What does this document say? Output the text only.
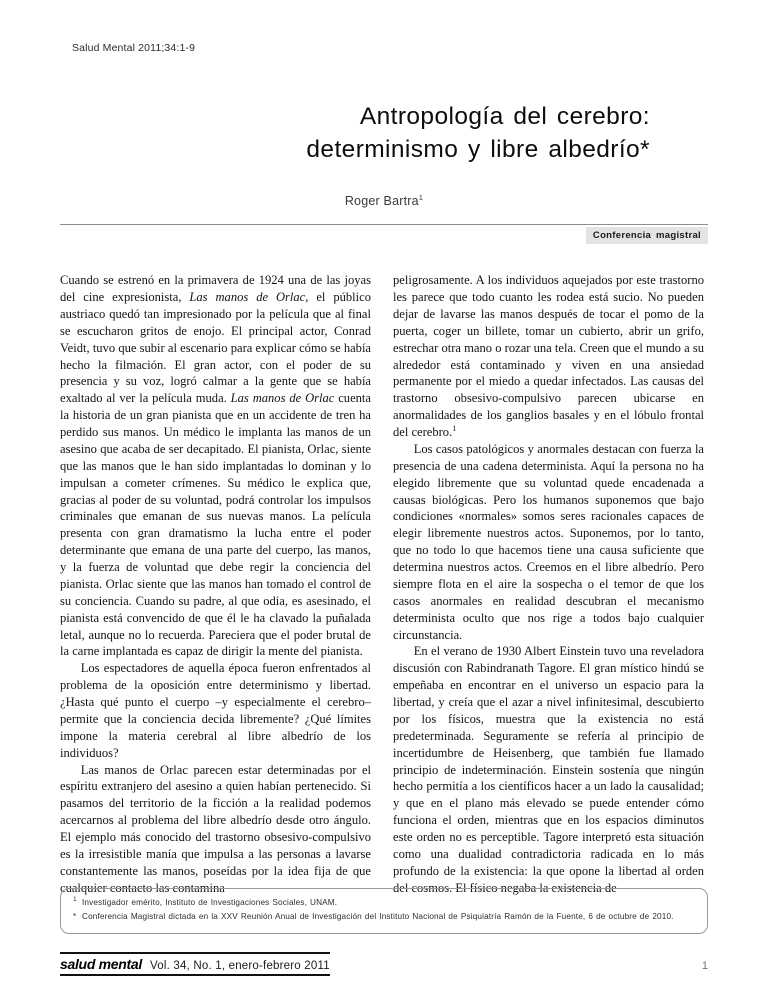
Salud Mental 2011;34:1-9
Antropología del cerebro:
determinismo y libre albedrío*
Roger Bartra$^1$
Conferencia magistral

Cuando se estrenó en la primavera de 1924 una de las joyas del cine expresionista, Las manos de Orlac, el público austriaco quedó tan impresionado por la película que al final se escucharon gritos de enojo. El principal actor, Conrad Veidt, tuvo que subir al escenario para explicar cómo se había hecho la filmación. El gran actor, con el poder de su presencia y su voz, logró calmar a la gente que se había exaltado al ver la película muda. Las manos de Orlac cuenta la historia de un gran pianista que en un accidente de tren ha perdido sus manos. Un médico le implanta las manos de un asesino que acaba de ser decapitado. El pianista, Orlac, siente que las manos que le han sido implantadas lo dominan y lo impulsan a cometer crímenes. Su médico le explica que, gracias al poder de su voluntad, podrá controlar los impulsos criminales que emanan de sus nuevas manos. La película presenta con gran dramatismo la lucha entre el poder determinante que emana de una parte del cuerpo, las manos, y la fuerza de voluntad que debe regir la conciencia del pianista. Orlac siente que las manos han tomado el control de su conciencia. Cuando su padre, al que odia, es asesinado, el pianista está convencido de que él le ha clavado la puñalada letal, aunque no lo recuerda. Pareciera que el poder brutal de la carne implantada es capaz de dirigir la mente del pianista.

Los espectadores de aquella época fueron enfrentados al problema de la oposición entre determinismo y libertad. ¿Hasta qué punto el cuerpo –y especialmente el cerebro– permite que la conciencia decida libremente? ¿Qué límites impone la materia cerebral al libre albedrío de los individuos?

Las manos de Orlac parecen estar determinadas por el espíritu extranjero del asesino a quien habían pertenecido. Si pasamos del territorio de la ficción a la realidad podemos acercarnos al problema del libre albedrío desde otro ángulo. El ejemplo más conocido del trastorno obsesivo-compulsivo es la irresistible manía que impulsa a las personas a lavarse constantemente las manos, poseídas por la idea fija de que cualquier contacto las contamina

peligrosamente. A los individuos aquejados por este trastorno les parece que todo cuanto les rodea está sucio. No pueden dejar de lavarse las manos después de tocar el pomo de la puerta, coger un billete, tomar un cubierto, abrir un grifo, estrechar otra mano o rozar una tela. Creen que el mundo a su alrededor está contaminado y viven en una ansiedad permanente por el miedo a quedar infectados. Las causas del trastorno obsesivo-compulsivo parecen ubicarse en anormalidades de los ganglios basales y en el lóbulo frontal del cerebro.$^1$

Los casos patológicos y anormales destacan con fuerza la presencia de una cadena determinista. Aquí la persona no ha elegido libremente que su voluntad quede encadenada a causas biológicas. Pero los humanos suponemos que bajo condiciones «normales» somos seres racionales capaces de elegir libremente nuestros actos. Suponemos, por lo tanto, que no todo lo que hacemos tiene una causa suficiente que determina nuestros actos. Creemos en el libre albedrío. Pero siempre flota en el aire la sospecha o el temor de que los casos anormales en realidad descubran el mecanismo determinista oculto que nos rige a todos bajo cualquier circunstancia.

En el verano de 1930 Albert Einstein tuvo una reveladora discusión con Rabindranath Tagore. El gran místico hindú se empeñaba en encontrar en el universo un espacio para la libertad, y creía que el azar a nivel infinitesimal, descubierto por los físicos, muestra que la existencia no está predeterminada. Seguramente se refería al principio de incertidumbre de Heisenberg, que también fue llamado principio de indeterminación. Einstein sostenía que ningún hecho permitía a los científicos hacer a un lado la causalidad; y que en el plano más elevado se puede entender cómo funciona el orden, mientras que en los espacios diminutos este orden no es perceptible. Tagore interpretó esta situación como una dualidad contradictoria radicada en lo más profundo de la existencia: la que opone la libertad al orden del cosmos. El físico negaba la existencia de

$^1$ Investigador emérito, Instituto de Investigaciones Sociales, UNAM.
* Conferencia Magistral dictada en la XXV Reunión Anual de Investigación del Instituto Nacional de Psiquiatría Ramón de la Fuente, 6 de octubre de 2010.
salud mental Vol. 34, No. 1, enero-febrero 2011	1
